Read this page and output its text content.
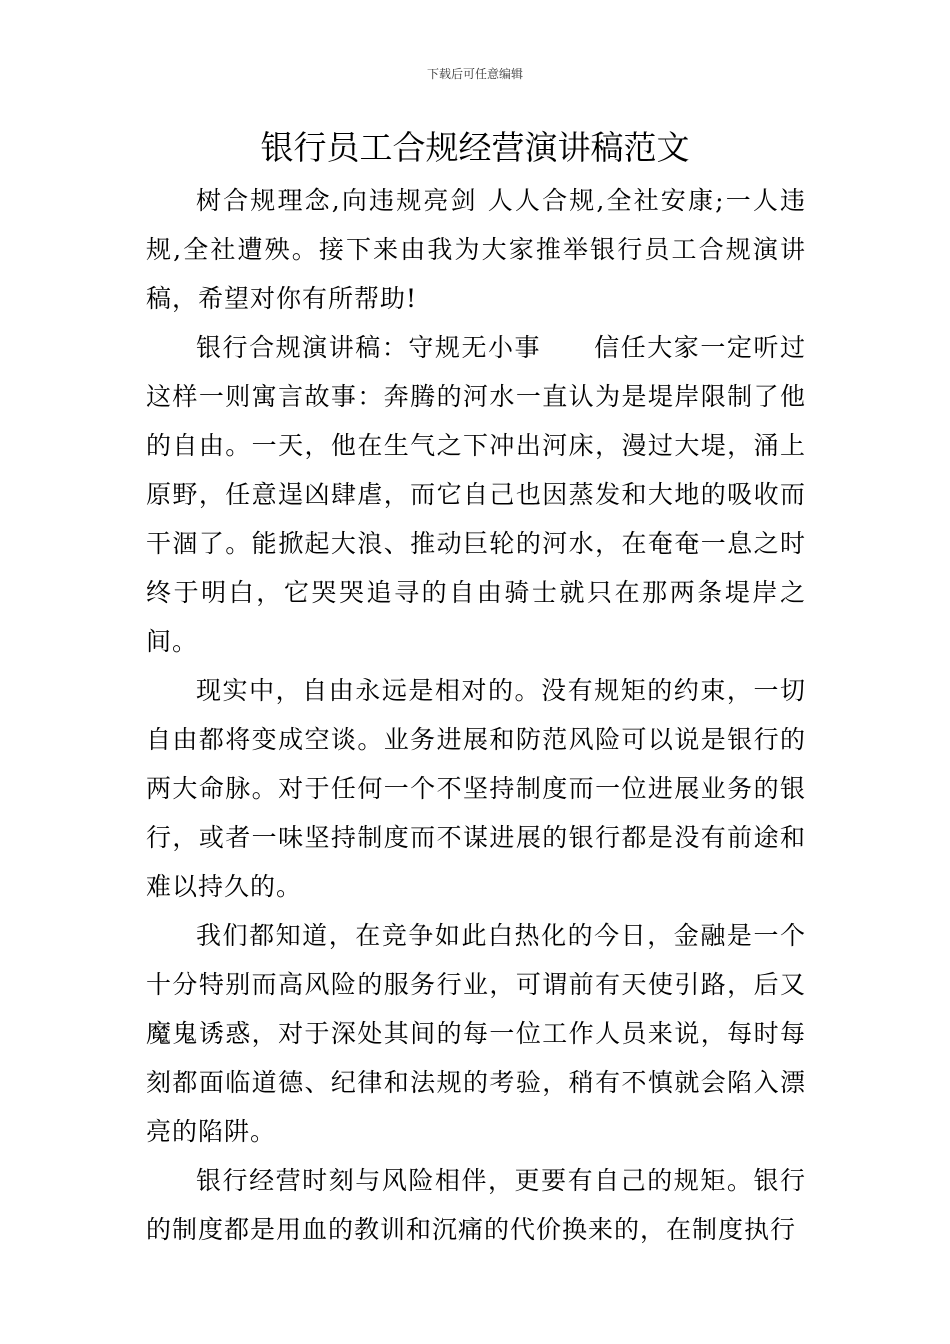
下载后可任意编辑
银行员工合规经营演讲稿范文

树合规理念,向违规亮剑 人人合规,全社安康;一人违规,全社遭殃。接下来由我为大家推举银行员工合规演讲稿，希望对你有所帮助!

银行合规演讲稿：守规无小事　　信任大家一定听过这样一则寓言故事：奔腾的河水一直认为是堤岸限制了他的自由。一天，他在生气之下冲出河床，漫过大堤，涌上原野，任意逞凶肆虐，而它自己也因蒸发和大地的吸收而干涸了。能掀起大浪、推动巨轮的河水，在奄奄一息之时终于明白，它哭哭追寻的自由骑士就只在那两条堤岸之间。

现实中，自由永远是相对的。没有规矩的约束，一切自由都将变成空谈。业务进展和防范风险可以说是银行的两大命脉。对于任何一个不坚持制度而一位进展业务的银行，或者一味坚持制度而不谋进展的银行都是没有前途和难以持久的。

我们都知道，在竞争如此白热化的今日，金融是一个十分特别而高风险的服务行业，可谓前有天使引路，后又魔鬼诱惑，对于深处其间的每一位工作人员来说，每时每刻都面临道德、纪律和法规的考验，稍有不慎就会陷入漂亮的陷阱。

银行经营时刻与风险相伴，更要有自己的规矩。银行的制度都是用血的教训和沉痛的代价换来的，在制度执行
